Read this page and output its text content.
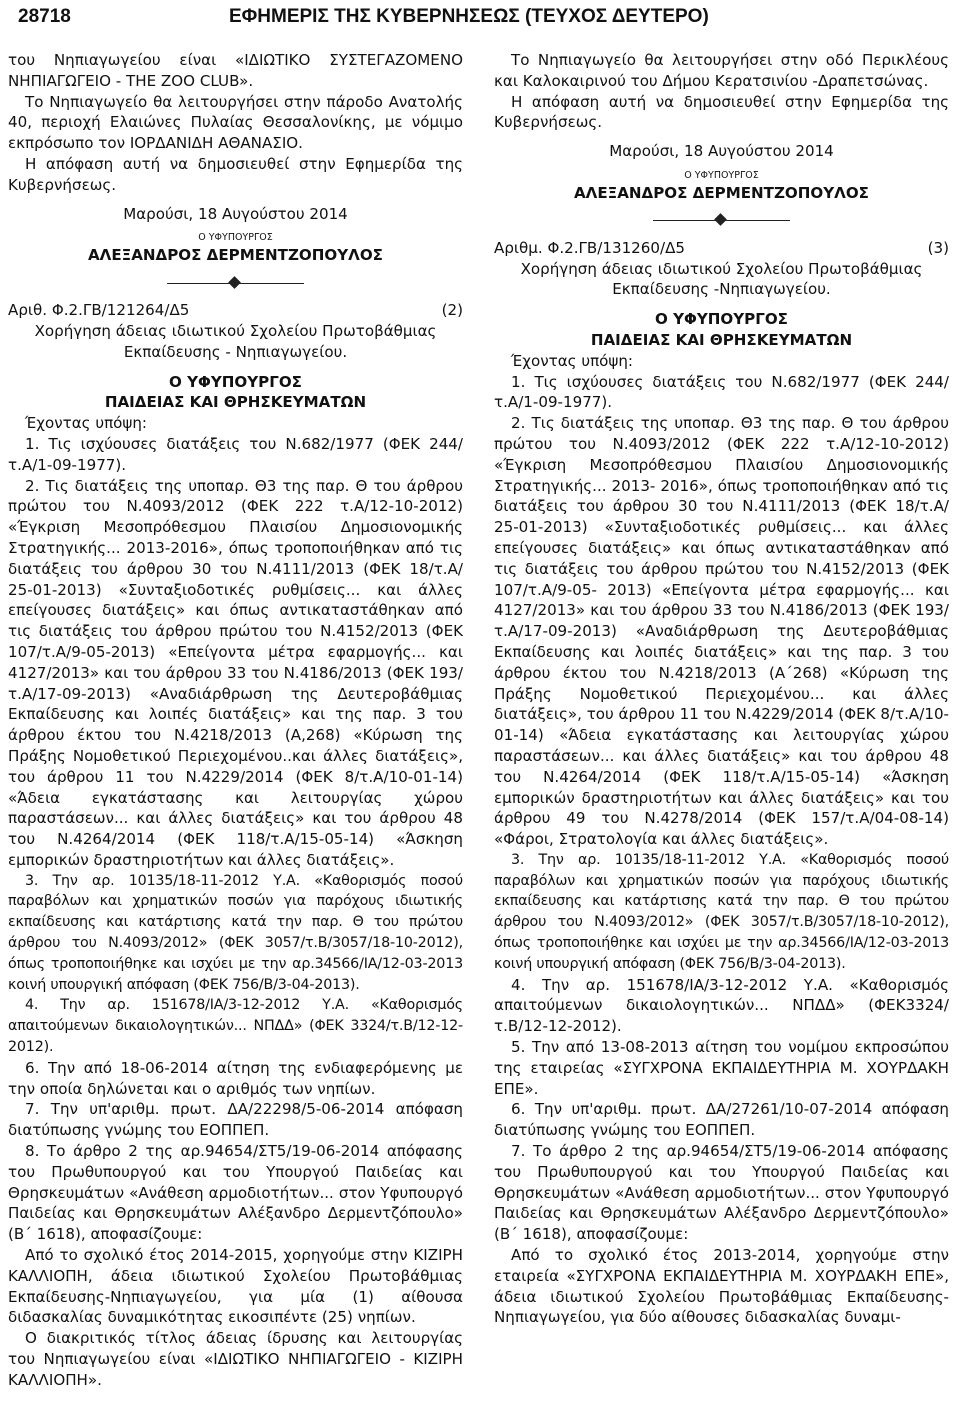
28718	ΕΦΗΜΕΡΙΣ ΤΗΣ ΚΥΒΕΡΝΗΣΕΩΣ (ΤΕΥΧΟΣ ΔΕΥΤΕΡΟ)

του Νηπιαγωγείου είναι «ΙΔΙΩΤΙΚΟ ΣΥΣΤΕΓΑΖΟΜΕΝΟ ΝΗΠΙΑΓΩΓΕΙΟ - THE ZOO CLUB».

Το Νηπιαγωγείο θα λειτουργήσει στην πάροδο Ανατολής 40, περιοχή Ελαιώνες Πυλαίας Θεσσαλονίκης, με νόμιμο εκπρόσωπο τον ΙΟΡΔΑΝΙΔΗ ΑΘΑΝΑΣΙΟ.

Η απόφαση αυτή να δημοσιευθεί στην Εφημερίδα της Κυβερνήσεως.

Μαρούσι, 18 Αυγούστου 2014

Ο ΥΦΥΠΟΥΡΓΟΣ

ΑΛΕΞΑΝΔΡΟΣ ΔΕΡΜΕΝΤΖΟΠΟΥΛΟΣ

Αριθ. Φ.2.ΓΒ/121264/Δ5	(2)

Χορήγηση άδειας ιδιωτικού Σχολείου Πρωτοβάθμιας Εκπαίδευσης - Νηπιαγωγείου.

Ο ΥΦΥΠΟΥΡΓΟΣ

ΠΑΙΔΕΙΑΣ ΚΑΙ ΘΡΗΣΚΕΥΜΑΤΩΝ

Έχοντας υπόψη:

1. Τις ισχύουσες διατάξεις του Ν.682/1977 (ΦΕΚ 244/ τ.Α/1-09-1977).

2. Τις διατάξεις της υποπαρ. Θ3 της παρ. Θ του άρθρου πρώτου του Ν.4093/2012 (ΦΕΚ 222 τ.Α/12-10-2012) «Έγκριση Μεσοπρόθεσμου Πλαισίου Δημοσιονομικής Στρατηγικής... 2013-2016», όπως τροποποιήθηκαν από τις διατάξεις του άρθρου 30 του Ν.4111/2013 (ΦΕΚ 18/τ.Α/ 25-01-2013) «Συνταξιοδοτικές ρυθμίσεις... και άλλες επείγουσες διατάξεις» και όπως αντικαταστάθηκαν από τις διατάξεις του άρθρου πρώτου του Ν.4152/2013 (ΦΕΚ 107/τ.Α/9-05-2013) «Επείγοντα μέτρα εφαρμογής... και 4127/2013» και του άρθρου 33 του Ν.4186/2013 (ΦΕΚ 193/τ.Α/17-09-2013) «Αναδιάρθρωση της Δευτεροβάθμιας Εκπαίδευσης και λοιπές διατάξεις» και της παρ. 3 του άρθρου έκτου του Ν.4218/2013 (Α,268) «Κύρωση της Πράξης Νομοθετικού Περιεχομένου..και άλλες διατάξεις», του άρθρου 11 του Ν.4229/2014 (ΦΕΚ 8/τ.Α/10-01-14) «Άδεια εγκατάστασης και λειτουργίας χώρου παραστάσεων... και άλλες διατάξεις» και του άρθρου 48 του Ν.4264/2014 (ΦΕΚ 118/τ.Α/15-05-14) «Άσκηση εμπορικών δραστηριοτήτων και άλλες διατάξεις».

3. Την αρ. 10135/18-11-2012 Υ.Α. «Καθορισμός ποσού παραβόλων και χρηματικών ποσών για παρόχους ιδιωτικής εκπαίδευσης και κατάρτισης κατά την παρ. Θ του πρώτου άρθρου του Ν.4093/2012» (ΦΕΚ 3057/τ.Β/3057/18-10-2012), όπως τροποποιήθηκε και ισχύει με την αρ.34566/ΙΑ/12-03-2013 κοινή υπουργική απόφαση (ΦΕΚ 756/Β/3-04-2013).

4. Την αρ. 151678/ΙΑ/3-12-2012 Υ.Α. «Καθορισμός απαιτούμενων δικαιολογητικών... ΝΠΔΔ» (ΦΕΚ 3324/τ.Β/12-12-2012).

6. Την από 18-06-2014 αίτηση της ενδιαφερόμενης με την οποία δηλώνεται και ο αριθμός των νηπίων.

7. Την υπ'αριθμ. πρωτ. ΔΑ/22298/5-06-2014 απόφαση διατύπωσης γνώμης του ΕΟΠΠΕΠ.

8. Το άρθρο 2 της αρ.94654/ΣΤ5/19-06-2014 απόφασης του Πρωθυπουργού και του Υπουργού Παιδείας και Θρησκευμάτων «Ανάθεση αρμοδιοτήτων... στον Υφυπουργό Παιδείας και Θρησκευμάτων Αλέξανδρο Δερμεντζόπουλο» (Β΄ 1618), αποφασίζουμε:

Από το σχολικό έτος 2014-2015, χορηγούμε στην ΚΙΖΙΡΗ ΚΑΛΛΙΟΠΗ, άδεια ιδιωτικού Σχολείου Πρωτοβάθμιας Εκπαίδευσης-Νηπιαγωγείου, για μία (1) αίθουσα διδασκαλίας δυναμικότητας εικοσιπέντε (25) νηπίων.

Ο διακριτικός τίτλος άδειας ίδρυσης και λειτουργίας του Νηπιαγωγείου είναι «ΙΔΙΩΤΙΚΟ ΝΗΠΙΑΓΩΓΕΙΟ - ΚΙΖΙΡΗ ΚΑΛΛΙΟΠΗ».

Το Νηπιαγωγείο θα λειτουργήσει στην οδό Περικλέους και Καλοκαιρινού του Δήμου Κερατσινίου -Δραπετσώνας.

Η απόφαση αυτή να δημοσιευθεί στην Εφημερίδα της Κυβερνήσεως.

Μαρούσι, 18 Αυγούστου 2014

Ο ΥΦΥΠΟΥΡΓΟΣ

ΑΛΕΞΑΝΔΡΟΣ ΔΕΡΜΕΝΤΖΟΠΟΥΛΟΣ

Αριθμ. Φ.2.ΓΒ/131260/Δ5	(3)

Χορήγηση άδειας ιδιωτικού Σχολείου Πρωτοβάθμιας Εκπαίδευσης -Νηπιαγωγείου.

Ο ΥΦΥΠΟΥΡΓΟΣ

ΠΑΙΔΕΙΑΣ ΚΑΙ ΘΡΗΣΚΕΥΜΑΤΩΝ

Έχοντας υπόψη:

1. Τις ισχύουσες διατάξεις του Ν.682/1977 (ΦΕΚ 244/ τ.Α/1-09-1977).

2. Τις διατάξεις της υποπαρ. Θ3 της παρ. Θ του άρθρου πρώτου του Ν.4093/2012 (ΦΕΚ 222 τ.Α/12-10-2012) «Έγκριση Μεσοπρόθεσμου Πλαισίου Δημοσιονομικής Στρατηγικής... 2013- 2016», όπως τροποποιήθηκαν από τις διατάξεις του άρθρου 30 του Ν.4111/2013 (ΦΕΚ 18/τ.Α/ 25-01-2013) «Συνταξιοδοτικές ρυθμίσεις... και άλλες επείγουσες διατάξεις» και όπως αντικαταστάθηκαν από τις διατάξεις του άρθρου πρώτου του Ν.4152/2013 (ΦΕΚ 107/τ.Α/9-05- 2013) «Επείγοντα μέτρα εφαρμογής... και 4127/2013» και του άρθρου 33 του Ν.4186/2013 (ΦΕΚ 193/τ.Α/17-09-2013) «Αναδιάρθρωση της Δευτεροβάθμιας Εκπαίδευσης και λοιπές διατάξεις» και της παρ. 3 του άρθρου έκτου του Ν.4218/2013 (Α΄268) «Κύρωση της Πράξης Νομοθετικού Περιεχομένου... και άλλες διατάξεις», του άρθρου 11 του Ν.4229/2014 (ΦΕΚ 8/τ.Α/10-01-14) «Άδεια εγκατάστασης και λειτουργίας χώρου παραστάσεων... και άλλες διατάξεις» και του άρθρου 48 του Ν.4264/2014 (ΦΕΚ 118/τ.Α/15-05-14) «Άσκηση εμπορικών δραστηριοτήτων και άλλες διατάξεις» και του άρθρου 49 του Ν.4278/2014 (ΦΕΚ 157/τ.Α/04-08-14) «Φάροι, Στρατολογία και άλλες διατάξεις».

3. Την αρ. 10135/18-11-2012 Υ.Α. «Καθορισμός ποσού παραβόλων και χρηματικών ποσών για παρόχους ιδιωτικής εκπαίδευσης και κατάρτισης κατά την παρ. Θ του πρώτου άρθρου του Ν.4093/2012» (ΦΕΚ 3057/τ.Β/3057/18-10-2012), όπως τροποποιήθηκε και ισχύει με την αρ.34566/ΙΑ/12-03-2013 κοινή υπουργική απόφαση (ΦΕΚ 756/Β/3-04-2013).

4. Την αρ. 151678/ΙΑ/3-12-2012 Υ.Α. «Καθορισμός απαιτούμενων δικαιολογητικών... ΝΠΔΔ» (ΦΕΚ3324/ τ.Β/12-12-2012).

5. Την από 13-08-2013 αίτηση του νομίμου εκπροσώπου της εταιρείας «ΣΥΓΧΡΟΝΑ ΕΚΠΑΙΔΕΥΤΗΡΙΑ Μ. ΧΟΥΡΔΑΚΗ ΕΠΕ».

6. Την υπ'αριθμ. πρωτ. ΔΑ/27261/10-07-2014 απόφαση διατύπωσης γνώμης του ΕΟΠΠΕΠ.

7. Το άρθρο 2 της αρ.94654/ΣΤ5/19-06-2014 απόφασης του Πρωθυπουργού και του Υπουργού Παιδείας και Θρησκευμάτων «Ανάθεση αρμοδιοτήτων... στον Υφυπουργό Παιδείας και Θρησκευμάτων Αλέξανδρο Δερμεντζόπουλο» (Β΄ 1618), αποφασίζουμε:

Από το σχολικό έτος 2013-2014, χορηγούμε στην εταιρεία «ΣΥΓΧΡΟΝΑ ΕΚΠΑΙΔΕΥΤΗΡΙΑ Μ. ΧΟΥΡΔΑΚΗ ΕΠΕ», άδεια ιδιωτικού Σχολείου Πρωτοβάθμιας Εκπαίδευσης-Νηπιαγωγείου, για δύο αίθουσες διδασκαλίας δυναμι-
